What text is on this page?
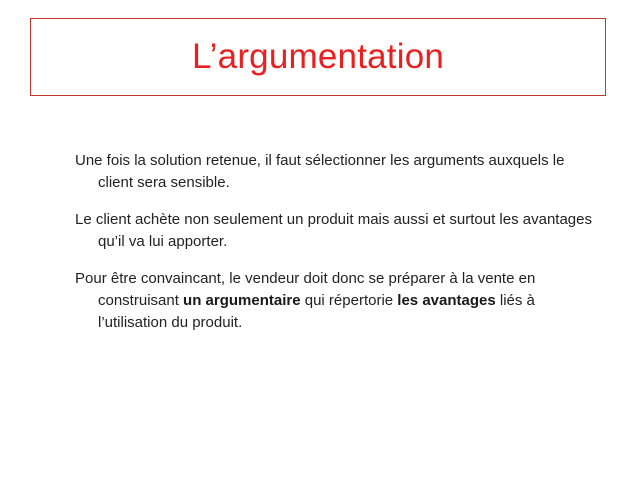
L’argumentation

Une fois la solution retenue, il faut sélectionner les arguments auxquels le client sera sensible.

Le client achète non seulement un produit mais aussi et surtout les avantages qu’il va lui apporter.

Pour être convaincant, le vendeur doit donc se préparer à la vente en construisant un argumentaire qui répertorie les avantages liés à l’utilisation du produit.
